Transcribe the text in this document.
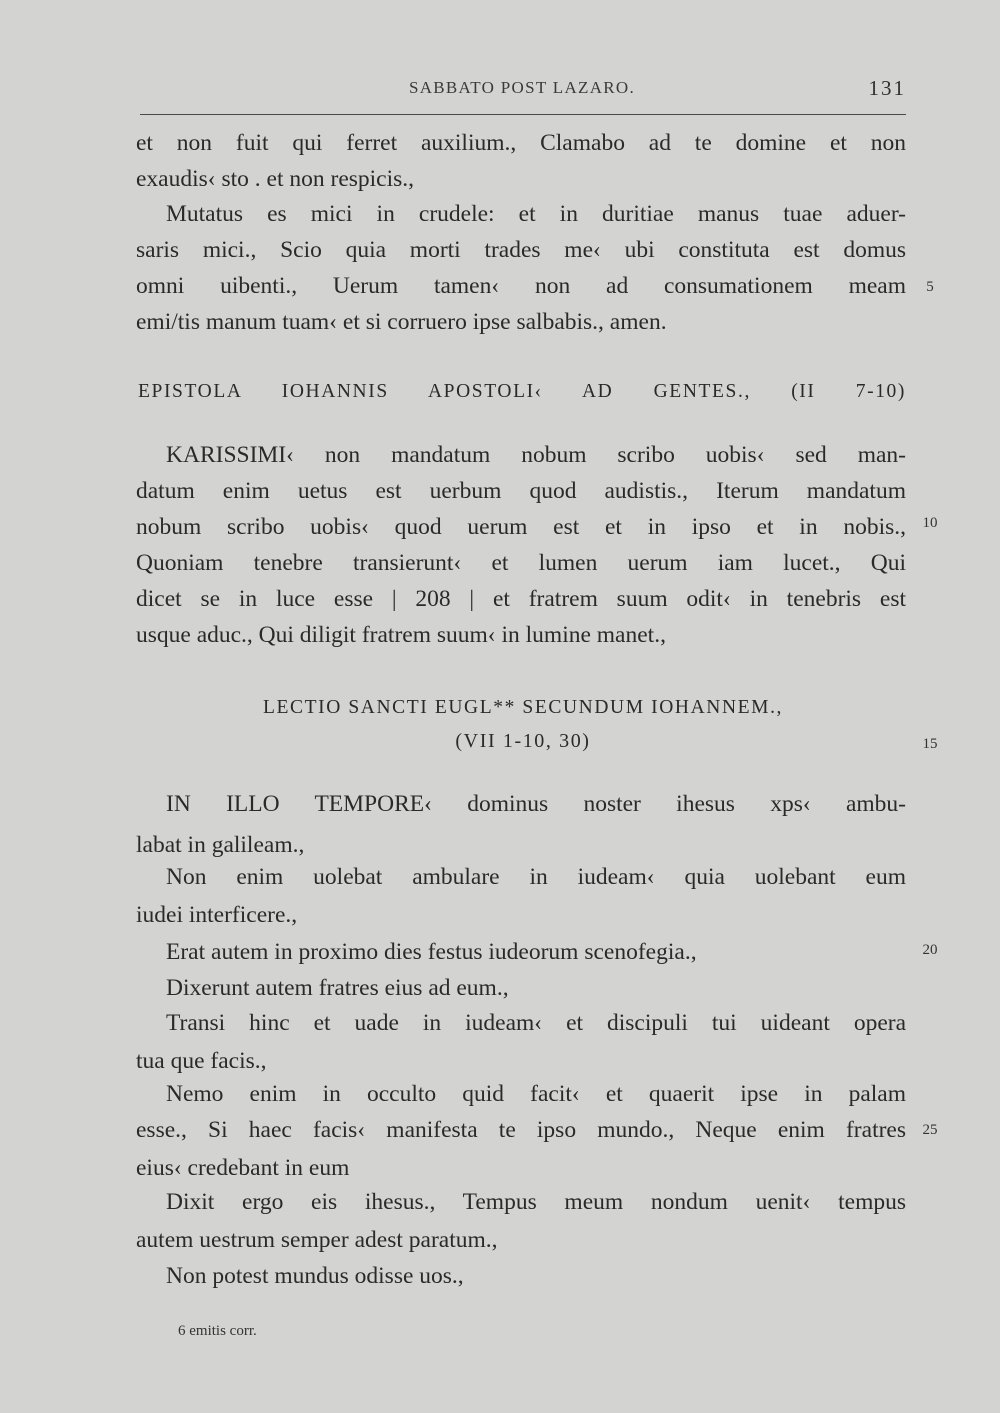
SABBATO POST LAZARO.	131
et non fuit qui ferret auxilium., Clamabo ad te domine et non
exaudis‹ sto . et non respicis.,
Mutatus es mici in crudele: et in duritiae manus tuae aduer-
saris mici., Scio quia morti trades me‹ ubi constituta est domus
omni uibenti., Uerum tamen‹ non ad consumationem meam
emi/tis manum tuam‹ et si corruero ipse salbabis., amen.
EPISTOLA IOHANNIS APOSTOLI‹ AD GENTES., (II 7-10)
KARISSIMI‹ non mandatum nobum scribo uobis‹ sed man-
datum enim uetus est uerbum quod audistis., Iterum mandatum
nobum scribo uobis‹ quod uerum est et in ipso et in nobis.,
Quoniam tenebre transierunt‹ et lumen uerum iam lucet., Qui
dicet se in luce esse | 208 | et fratrem suum odit‹ in tenebris est
usque aduc., Qui diligit fratrem suum‹ in lumine manet.,
LECTIO SANCTI EUGL** SECUNDUM IOHANNEM.,
(VII 1-10, 30)
IN ILLO TEMPORE‹ dominus noster ihesus xps‹ ambu-
labat in galileam.,
Non enim uolebat ambulare in iudeam‹ quia uolebant eum
iudei interficere.,
Erat autem in proximo dies festus iudeorum scenofegia.,
Dixerunt autem fratres eius ad eum.,
Transi hinc et uade in iudeam‹ et discipuli tui uideant opera
tua que facis.,
Nemo enim in occulto quid facit‹ et quaerit ipse in palam
esse., Si haec facis‹ manifesta te ipso mundo., Neque enim fratres
eius‹ credebant in eum
Dixit ergo eis ihesus., Tempus meum nondum uenit‹ tempus
autem uestrum semper adest paratum.,
Non potest mundus odisse uos.,
5
10
15
20
25
6 emitis corr.
